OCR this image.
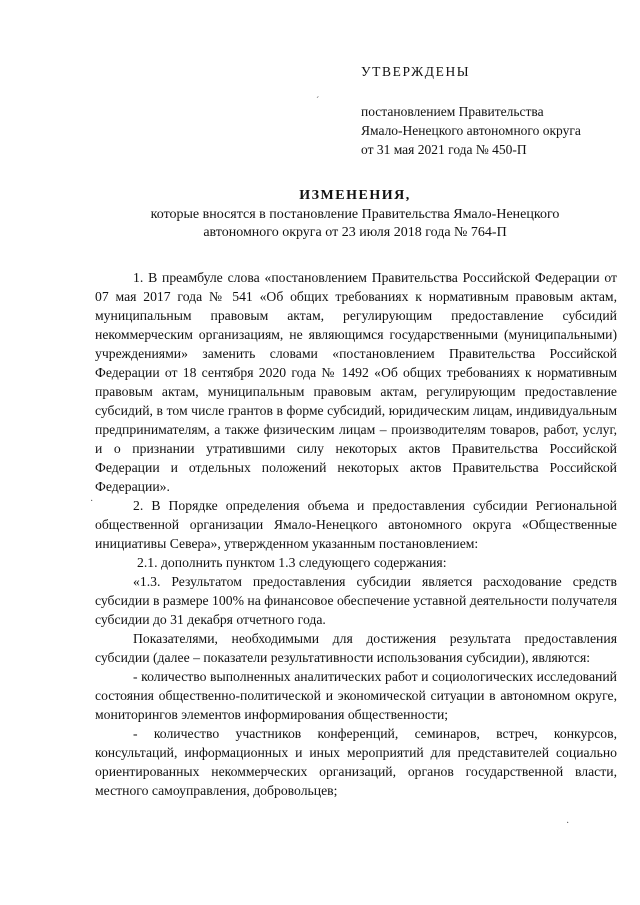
УТВЕРЖДЕНЫ
постановлением Правительства
Ямало-Ненецкого автономного округа
от 31 мая 2021 года № 450-П
ИЗМЕНЕНИЯ,
которые вносятся в постановление Правительства Ямало-Ненецкого
автономного округа от 23 июля 2018 года № 764-П

1. В преамбуле слова «постановлением Правительства Российской Федерации от 07 мая 2017 года № 541 «Об общих требованиях к нормативным правовым актам, муниципальным правовым актам, регулирующим предоставление субсидий некоммерческим организациям, не являющимся государственными (муниципальными) учреждениями» заменить словами «постановлением Правительства Российской Федерации от 18 сентября 2020 года № 1492 «Об общих требованиях к нормативным правовым актам, муниципальным правовым актам, регулирующим предоставление субсидий, в том числе грантов в форме субсидий, юридическим лицам, индивидуальным предпринимателям, а также физическим лицам – производителям товаров, работ, услуг, и о признании утратившими силу некоторых актов Правительства Российской Федерации и отдельных положений некоторых актов Правительства Российской Федерации».

2. В Порядке определения объема и предоставления субсидии Региональной общественной организации Ямало-Ненецкого автономного округа «Общественные инициативы Севера», утвержденном указанным постановлением:

2.1. дополнить пунктом 1.3 следующего содержания:

«1.3. Результатом предоставления субсидии является расходование средств субсидии в размере 100% на финансовое обеспечение уставной деятельности получателя субсидии до 31 декабря отчетного года.

Показателями, необходимыми для достижения результата предоставления субсидии (далее – показатели результативности использования субсидии), являются:

- количество выполненных аналитических работ и социологических исследований состояния общественно-политической и экономической ситуации в автономном округе, мониторингов элементов информирования общественности;

- количество участников конференций, семинаров, встреч, конкурсов, консультаций, информационных и иных мероприятий для представителей социально ориентированных некоммерческих организаций, органов государственной власти, местного самоуправления, добровольцев;

ˊ
·
·
